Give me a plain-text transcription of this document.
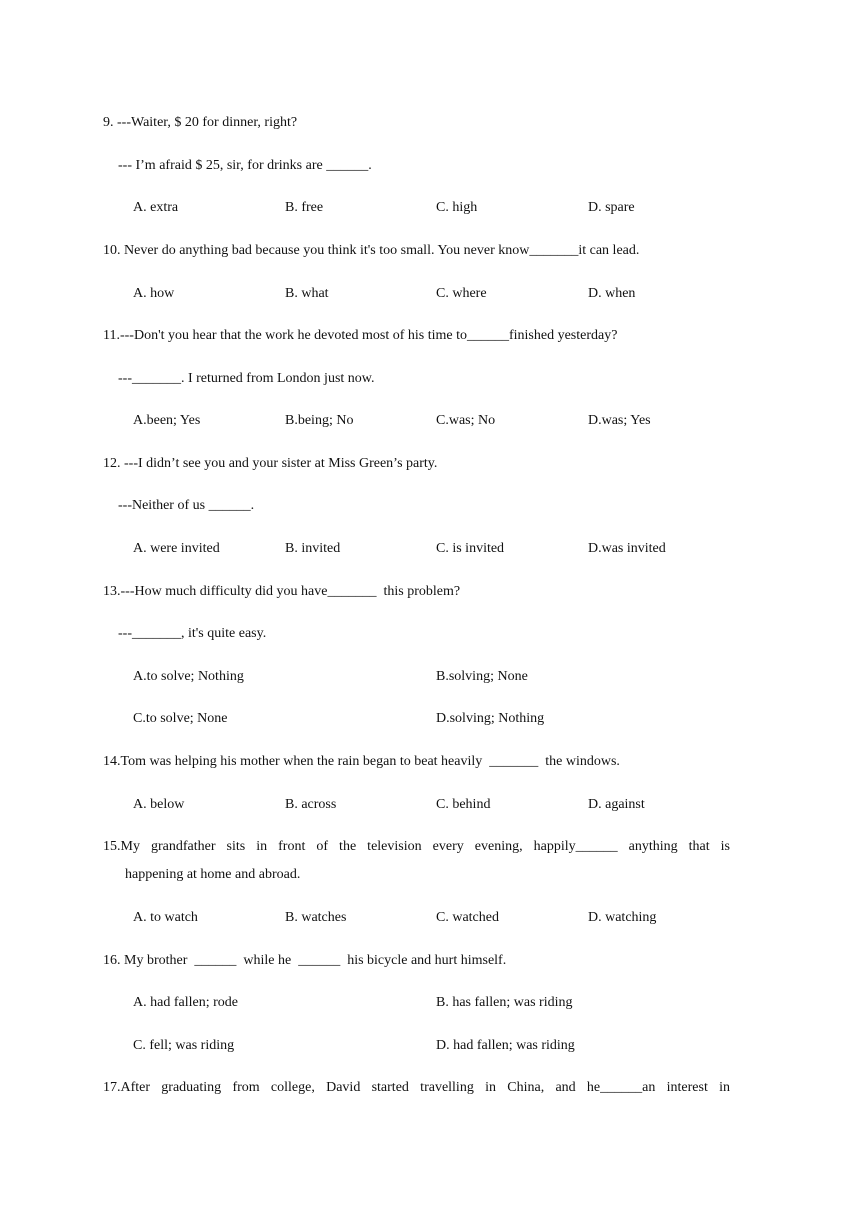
9. ---Waiter, $ 20 for dinner, right?
--- I’m afraid $ 25, sir, for drinks are ______.
A. extra	B. free	C. high	D. spare
10. Never do anything bad because you think it's too small. You never know_______it can lead.
A. how	B. what	C. where	D. when
11.---Don't you hear that the work he devoted most of his time to______finished yesterday?
---_______. I returned from London just now.
A.been; Yes	B.being; No	C.was; No	D.was; Yes
12. ---I didn’t see you and your sister at Miss Green’s party.
---Neither of us ______.
A. were invited	B. invited	C. is invited	D.was invited
13.---How much difficulty did you have_______  this problem?
---_______, it's quite easy.
A.to solve; Nothing	B.solving; None
C.to solve; None	D.solving; Nothing
14.Tom was helping his mother when the rain began to beat heavily  _______  the windows.
A. below	B. across	C. behind	D. against
15.My grandfather sits in front of the television every evening, happily______ anything that is
happening at home and abroad.
A. to watch	B. watches	C. watched	D. watching
16. My brother  ______  while he  ______  his bicycle and hurt himself.
A. had fallen; rode	B. has fallen; was riding
C. fell; was riding	D. had fallen; was riding
17.After graduating from college, David started travelling in China, and he______an interest in
